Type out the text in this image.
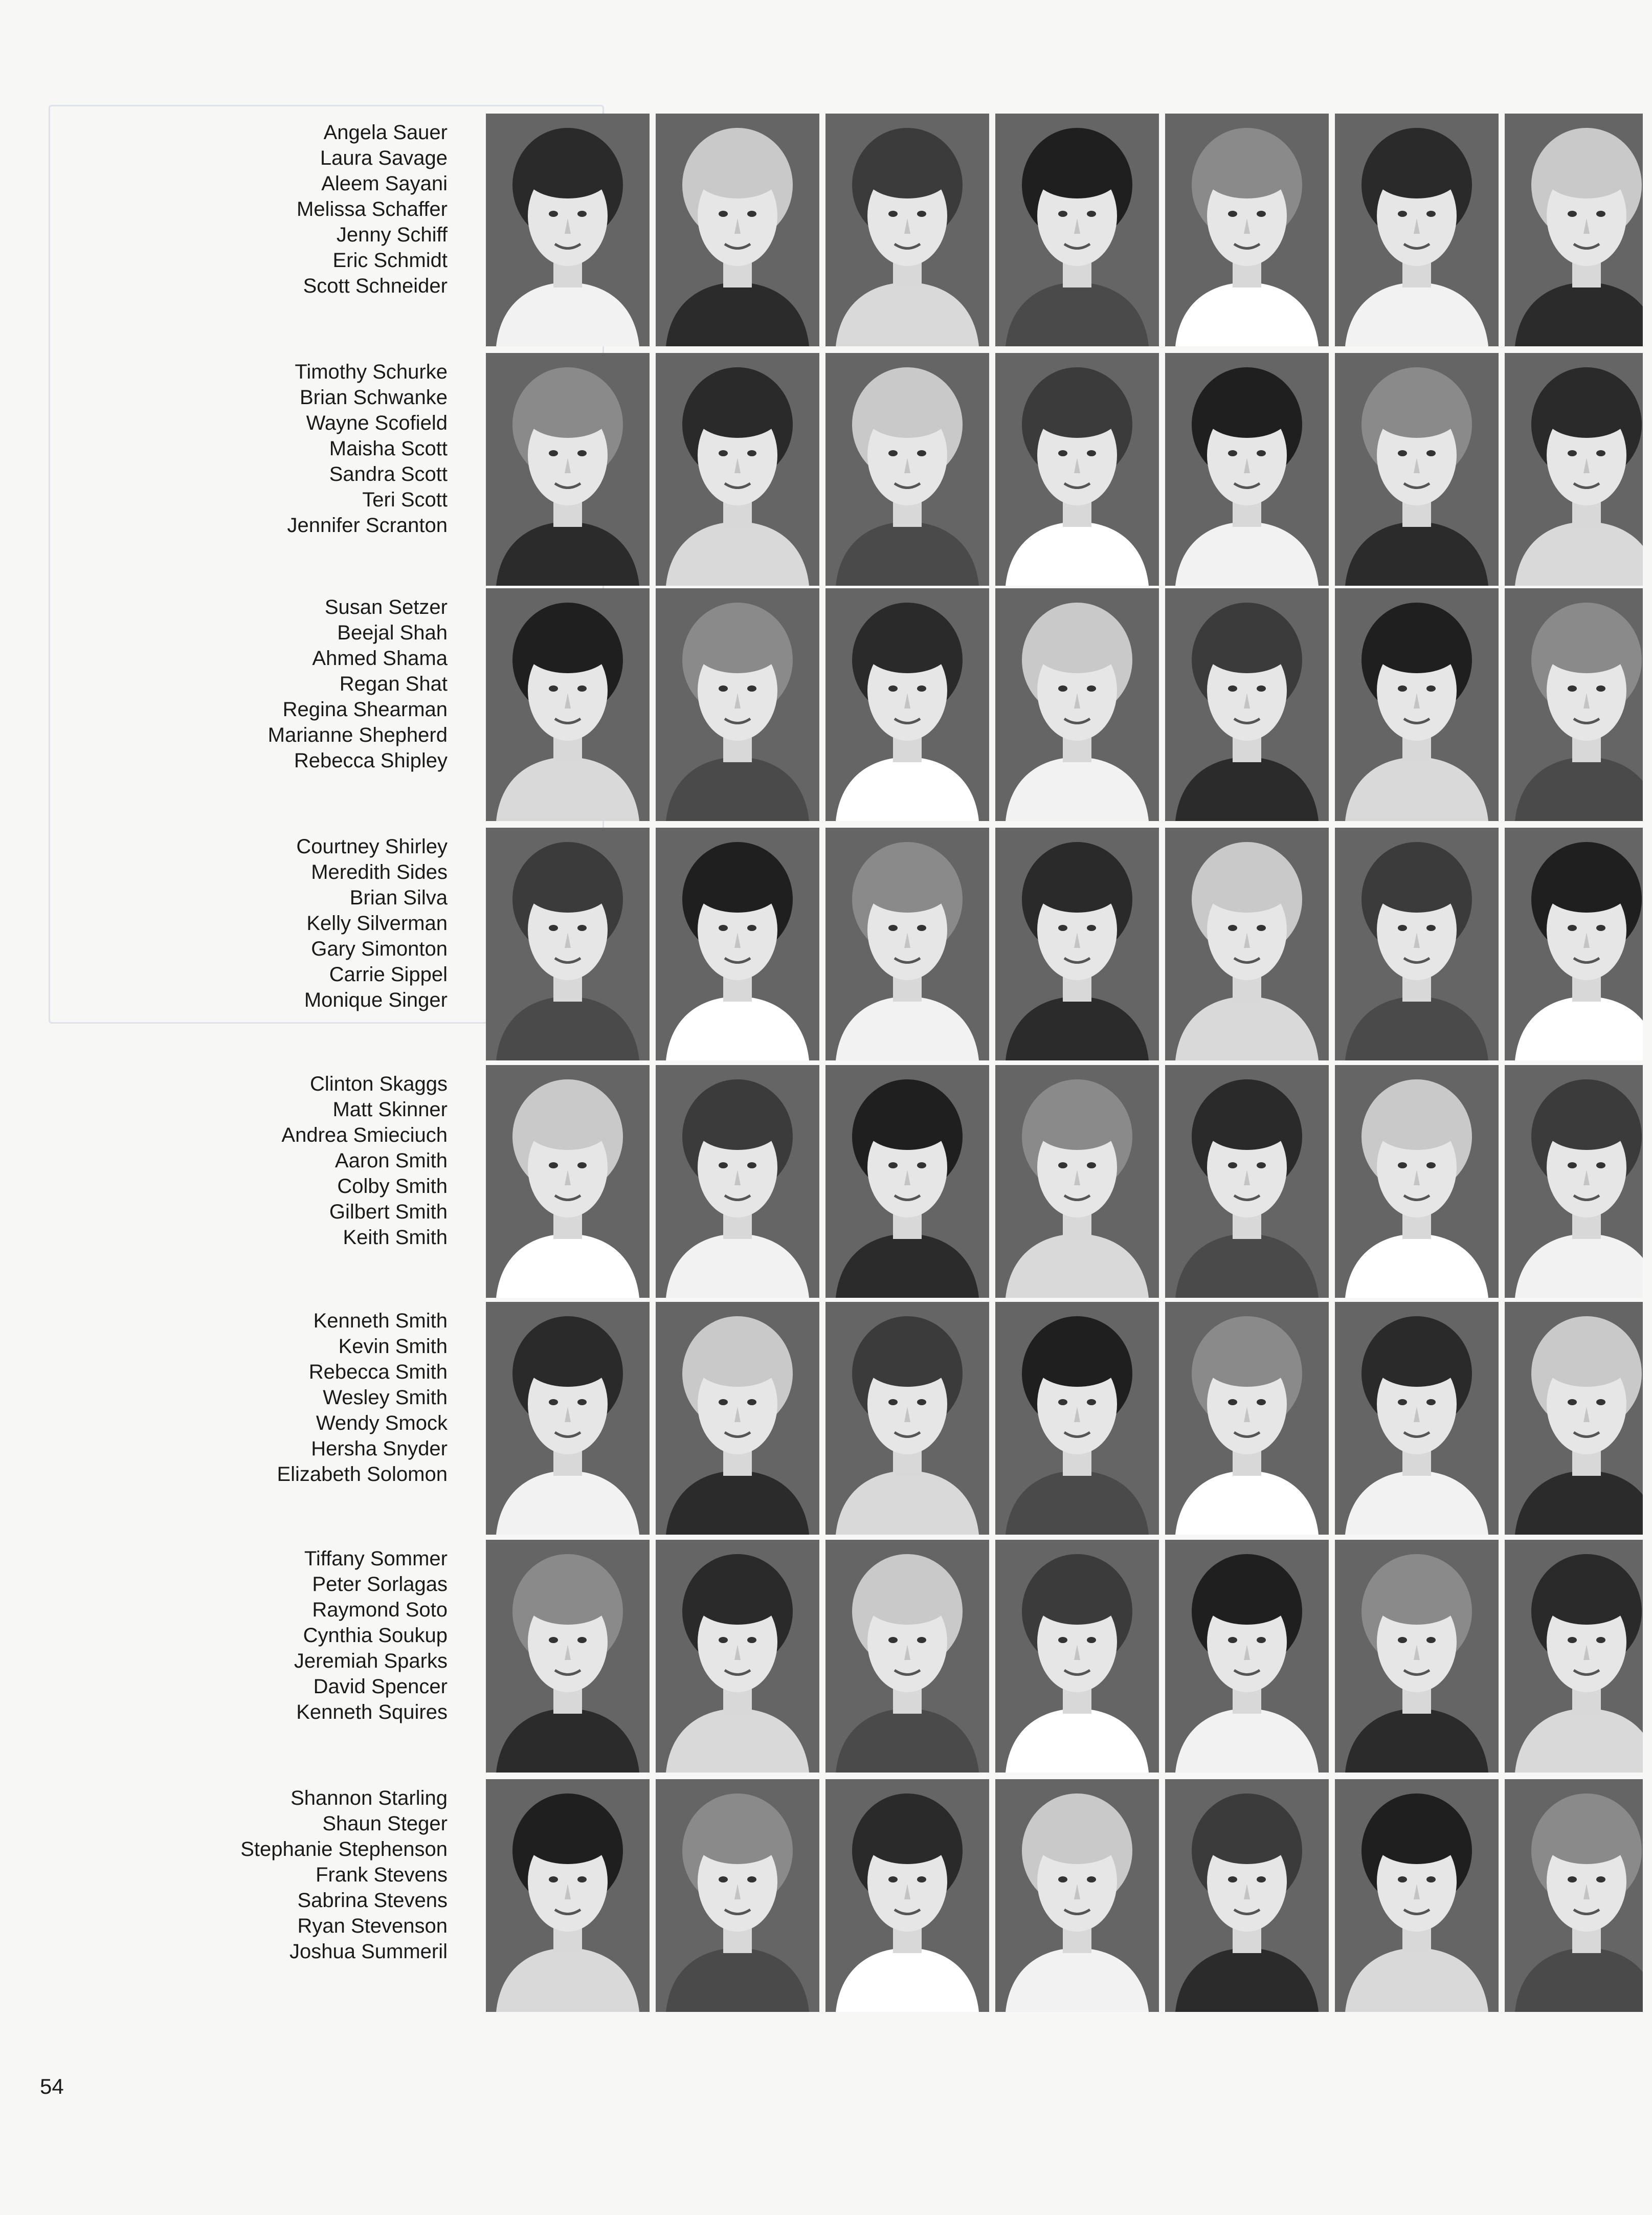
Angela Sauer
Laura Savage
Aleem Sayani
Melissa Schaffer
Jenny Schiff
Eric Schmidt
Scott Schneider
Timothy Schurke
Brian Schwanke
Wayne Scofield
Maisha Scott
Sandra Scott
Teri Scott
Jennifer Scranton
Susan Setzer
Beejal Shah
Ahmed Shama
Regan Shat
Regina Shearman
Marianne Shepherd
Rebecca Shipley
Courtney Shirley
Meredith Sides
Brian Silva
Kelly Silverman
Gary Simonton
Carrie Sippel
Monique Singer
Clinton Skaggs
Matt Skinner
Andrea Smieciuch
Aaron Smith
Colby Smith
Gilbert Smith
Keith Smith
Kenneth Smith
Kevin Smith
Rebecca Smith
Wesley Smith
Wendy Smock
Hersha Snyder
Elizabeth Solomon
Tiffany Sommer
Peter Sorlagas
Raymond Soto
Cynthia Soukup
Jeremiah Sparks
David Spencer
Kenneth Squires
Shannon Starling
Shaun Steger
Stephanie Stephenson
Frank Stevens
Sabrina Stevens
Ryan Stevenson
Joshua Summeril
54
